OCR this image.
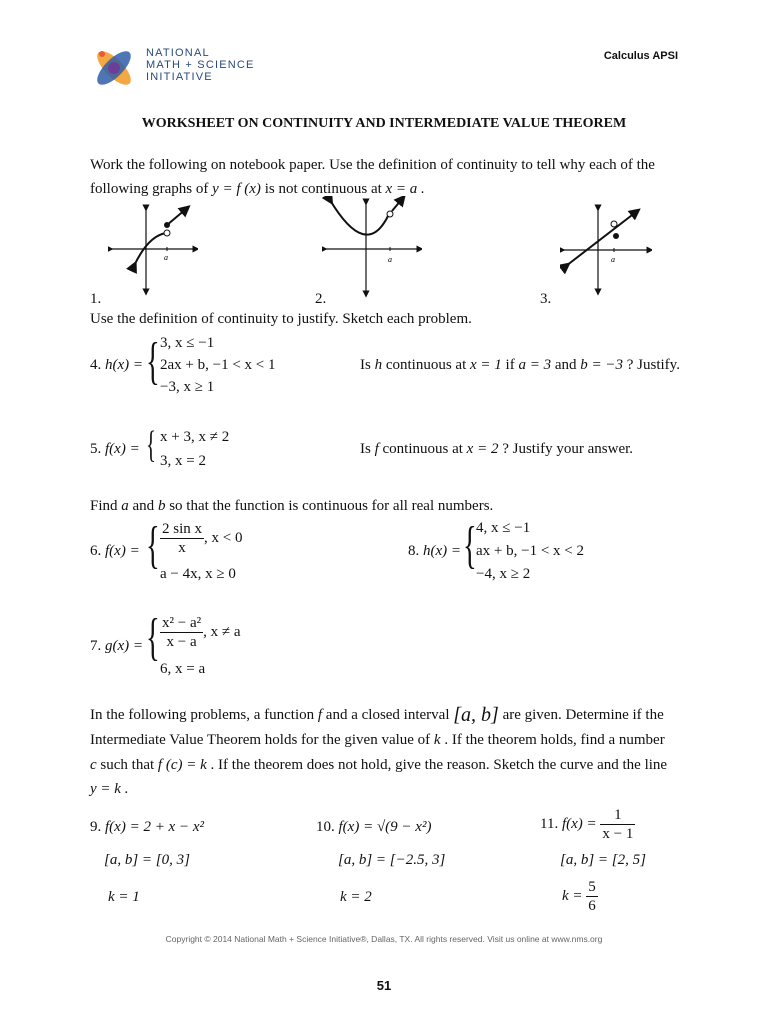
NATIONAL
MATH + SCIENCE
INITIATIVE
Calculus APSI
WORKSHEET ON CONTINUITY AND INTERMEDIATE VALUE THEOREM
Work the following on notebook paper. Use the definition of continuity to tell why each of the
following graphs of y = f (x) is not continuous at x = a .
a	a	a
1.	2.	3.
Use the definition of continuity to justify. Sketch each problem.
4. h(x) = { 3, x ≤ −1
2ax + b, −1 < x < 1
−3, x ≥ 1
Is h continuous at x = 1 if a = 3 and b = −3 ? Justify.
5. f(x) = { x + 3, x ≠ 2
3, x = 2
Is f continuous at x = 2 ? Justify your answer.
Find a and b so that the function is continuous for all real numbers.
6. f(x) = { $\frac{\text{2 sin x}}{x}$ , x < 0
a − 4x, x ≥ 0
8. h(x) = { 4, x ≤ −1
ax + b, −1 < x < 2
−4, x ≥ 2
7. g(x) = { $\frac{\text{x² − a²}}{x - a}$ , x ≠ a
6, x = a
In the following problems, a function f and a closed interval [a, b] are given. Determine if the
Intermediate Value Theorem holds for the given value of k . If the theorem holds, find a number
c such that f (c) = k . If the theorem does not hold, give the reason. Sketch the curve and the line
y = k .
9. f(x) = 2 + x − x²
[a, b] = [0, 3]
k = 1
10. f(x) = √(9 − x²)
[a, b] = [−2.5, 3]
k = 2
11. $f(x) = \frac{1}{x - 1}$
[a, b] = [2, 5]
$k = \frac{5}{6}$
Copyright © 2014 National Math + Science Initiative®, Dallas, TX. All rights reserved. Visit us online at www.nms.org
51
